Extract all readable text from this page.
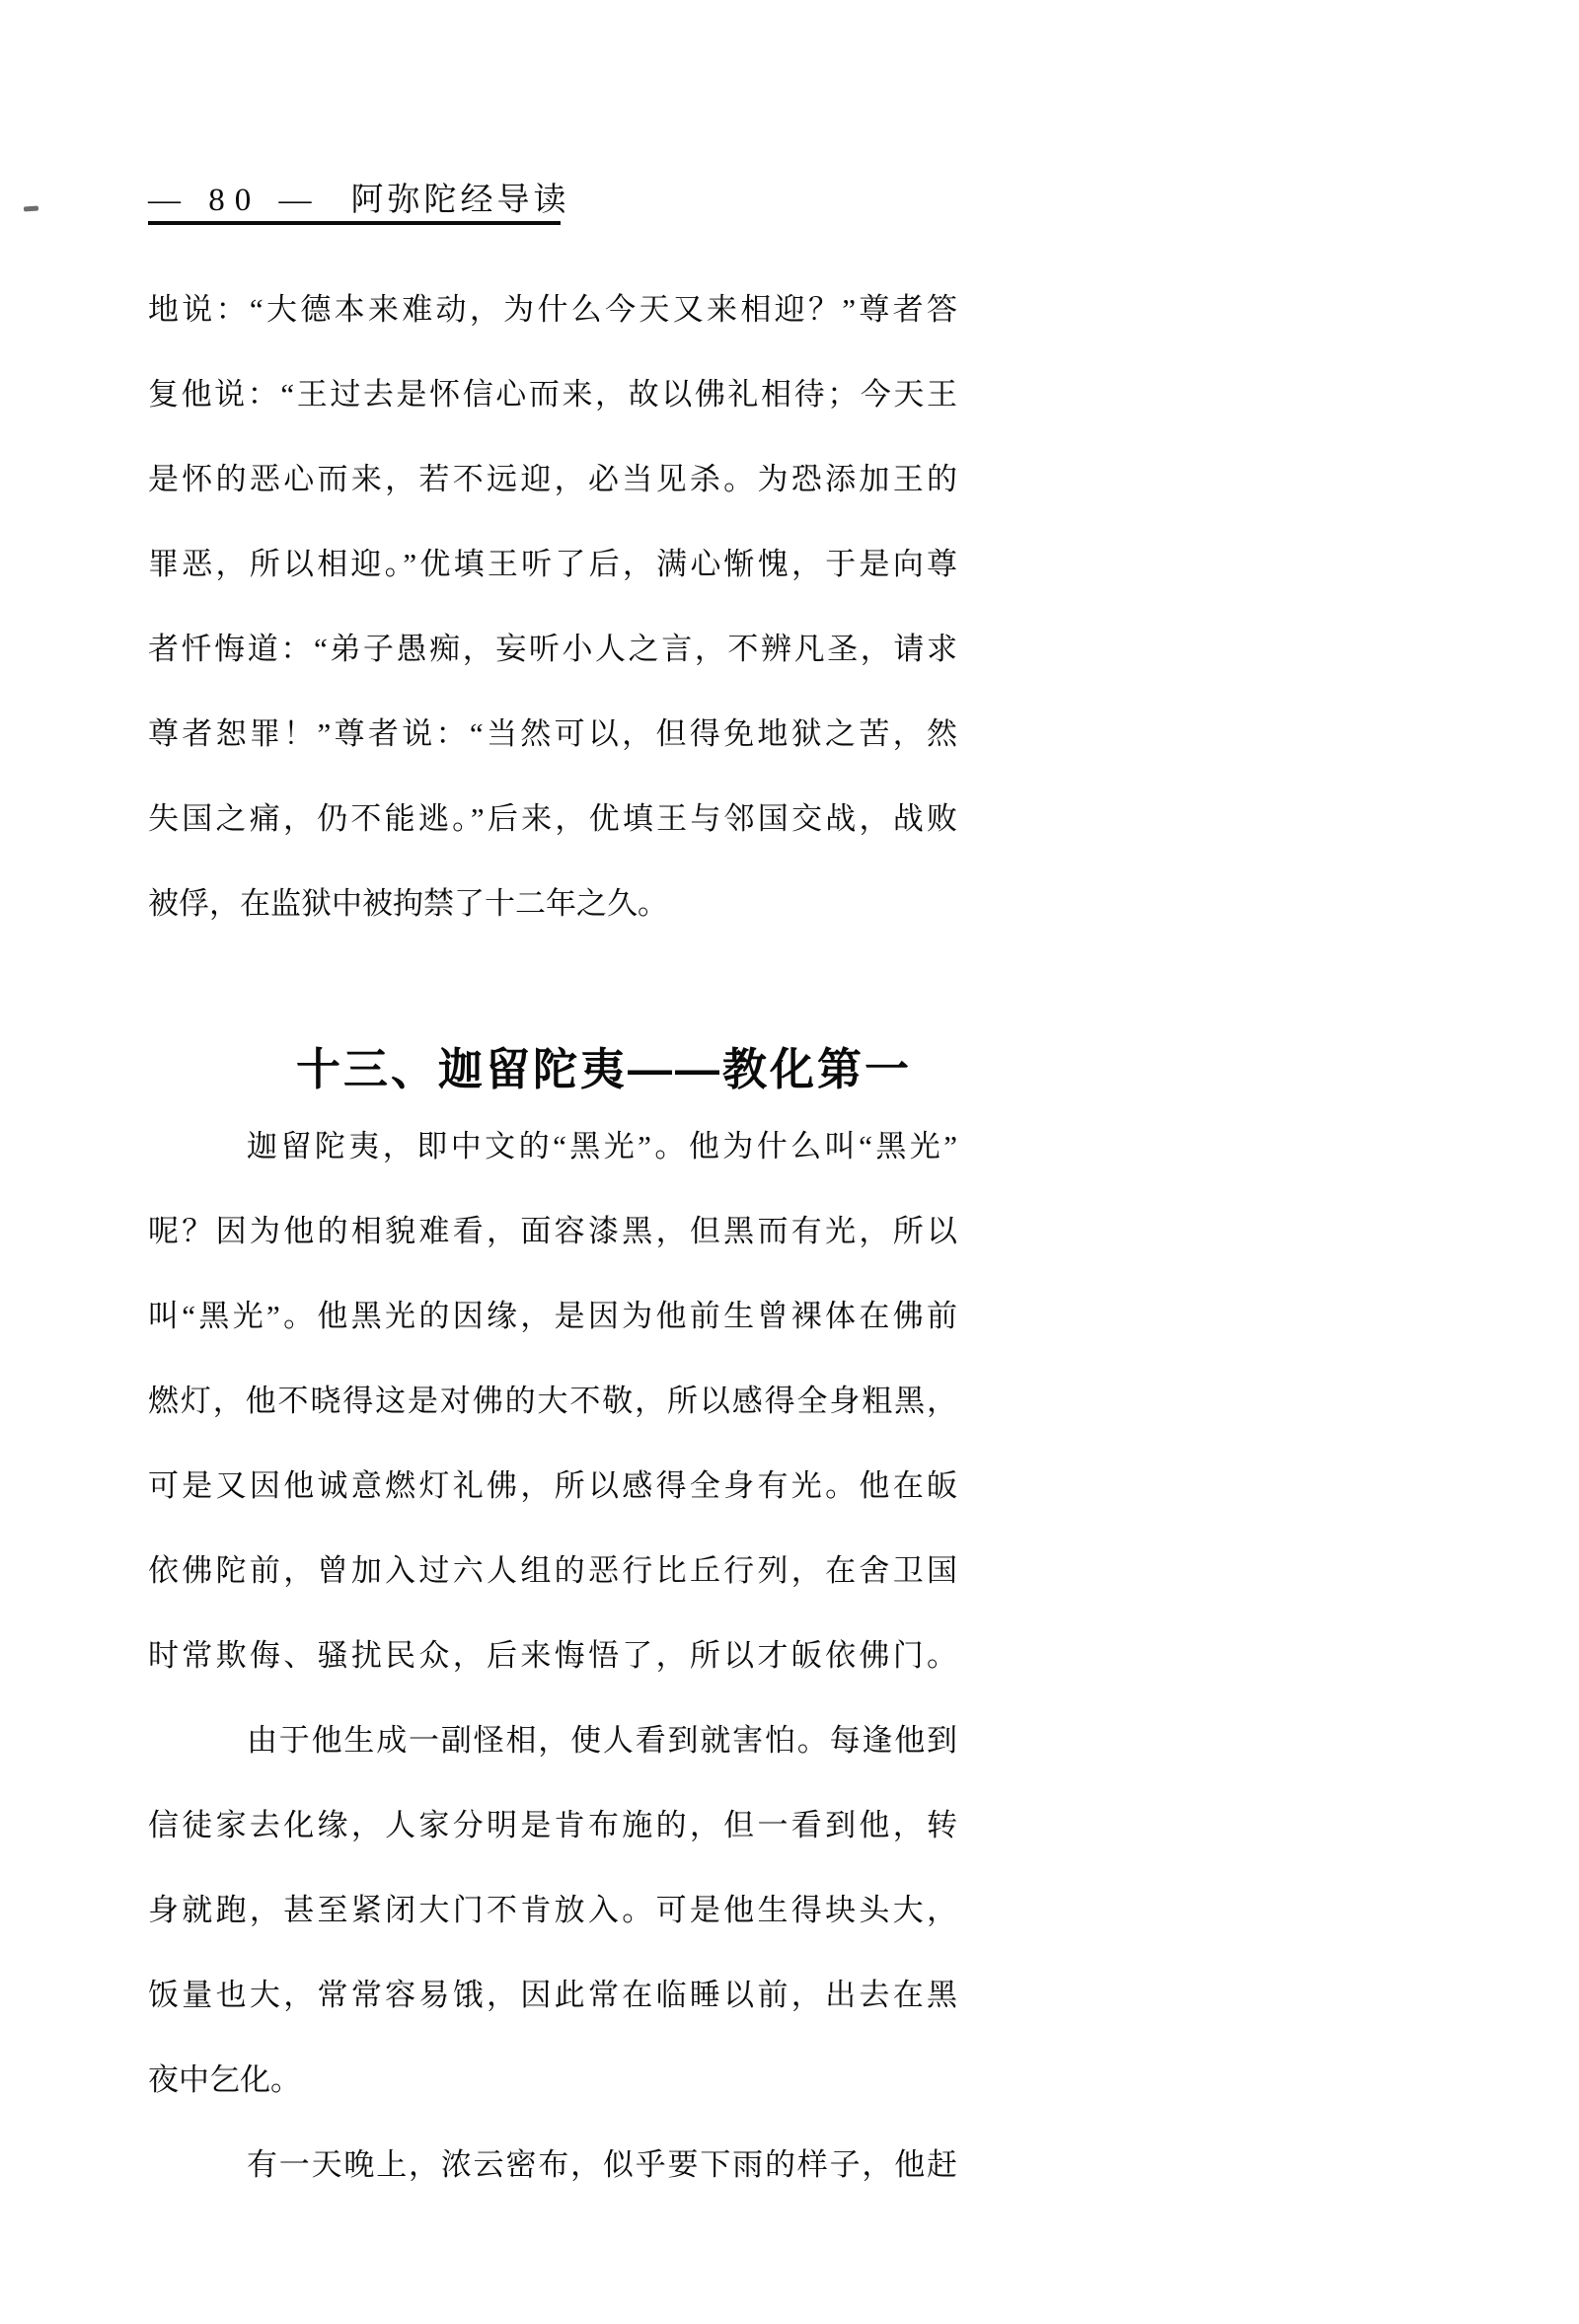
— 80 — 阿弥陀经导读
地说：“大德本来难动，为什么今天又来相迎？”尊者答
复他说：“王过去是怀信心而来，故以佛礼相待；今天王
是怀的恶心而来，若不远迎，必当见杀。为恐添加王的
罪恶，所以相迎。”优填王听了后，满心惭愧，于是向尊
者忏悔道：“弟子愚痴，妄听小人之言，不辨凡圣，请求
尊者恕罪！”尊者说：“当然可以，但得免地狱之苦，然
失国之痛，仍不能逃。”后来，优填王与邻国交战，战败
被俘，在监狱中被拘禁了十二年之久。
十三、迦留陀夷——教化第一
迦留陀夷，即中文的“黑光”。他为什么叫“黑光”
呢？因为他的相貌难看，面容漆黑，但黑而有光，所以
叫“黑光”。他黑光的因缘，是因为他前生曾裸体在佛前
燃灯，他不晓得这是对佛的大不敬，所以感得全身粗黑，
可是又因他诚意燃灯礼佛，所以感得全身有光。他在皈
依佛陀前，曾加入过六人组的恶行比丘行列，在舍卫国
时常欺侮、骚扰民众，后来悔悟了，所以才皈依佛门。
由于他生成一副怪相，使人看到就害怕。每逢他到
信徒家去化缘，人家分明是肯布施的，但一看到他，转
身就跑，甚至紧闭大门不肯放入。可是他生得块头大，
饭量也大，常常容易饿，因此常在临睡以前，出去在黑
夜中乞化。
有一天晚上，浓云密布，似乎要下雨的样子，他赶
